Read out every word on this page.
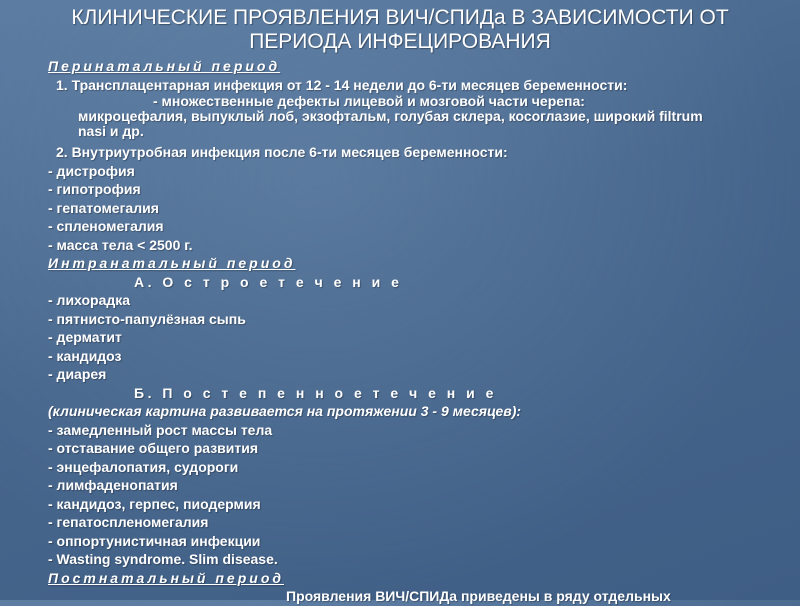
КЛИНИЧЕСКИЕ ПРОЯВЛЕНИЯ ВИЧ/СПИДа В ЗАВИСИМОСТИ ОТ
ПЕРИОДА ИНФЕЦИРОВАНИЯ
Перинатальный период
1. Трансплацентарная инфекция от 12 - 14 недели до 6-ти месяцев беременности:
- множественные дефекты лицевой и мозговой части черепа:
микроцефалия, выпуклый лоб, экзофтальм, голубая склера, косоглазие, широкий filtrum nasi и др.
2. Внутриутробная инфекция после 6-ти месяцев беременности:
- дистрофия
- гипотрофия
- гепатомегалия
- спленомегалия
- масса тела < 2500 г.
Интранатальный период
А. О с т р о е т е ч е н и е
- лихорадка
- пятнисто-папулёзная сыпь
- дерматит
- кандидоз
- диарея
Б. П о с т е п е н н о е т е ч е н и е
(клиническая картина развивается на протяжении 3 - 9 месяцев):
- замедленный рост массы тела
- отставание общего развития
- энцефалопатия, судороги
- лимфаденопатия
- кандидоз, герпес, пиодермия
- гепатоспленомегалия
- оппортунистичная инфекции
- Wasting syndrome. Slim disease.
Постнатальный период
Проявления ВИЧ/СПИДа приведены в ряду отдельных
